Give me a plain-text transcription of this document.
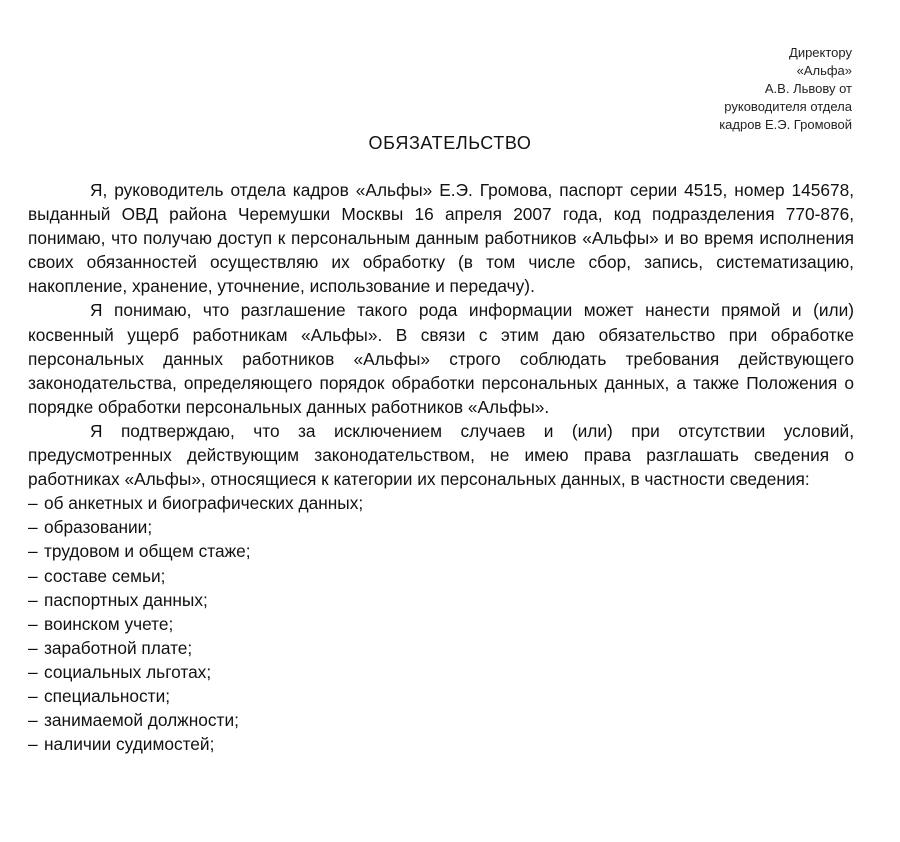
Директору
«Альфа»
А.В. Львову от
руководителя отдела
кадров Е.Э. Громовой
ОБЯЗАТЕЛЬСТВО

Я, руководитель отдела кадров «Альфы» Е.Э. Громова, паспорт серии 4515, номер 145678, выданный ОВД района Черемушки Москвы 16 апреля 2007 года, код подразделения 770-876, понимаю, что получаю доступ к персональным данным работников «Альфы» и во время исполнения своих обязанностей осуществляю их обработку (в том числе сбор, запись, систематизацию, накопление, хранение, уточнение, использование и передачу).

Я понимаю, что разглашение такого рода информации может нанести прямой и (или) косвенный ущерб работникам «Альфы». В связи с этим даю обязательство при обработке персональных данных работников «Альфы» строго соблюдать требования действующего законодательства, определяющего порядок обработки персональных данных, а также Положения о порядке обработки персональных данных работников «Альфы».

Я подтверждаю, что за исключением случаев и (или) при отсутствии условий, предусмотренных действующим законодательством, не имею права разглашать сведения о работниках «Альфы», относящиеся к категории их персональных данных, в частности сведения:

– об анкетных и биографических данных;
– образовании;
– трудовом и общем стаже;
– составе семьи;
– паспортных данных;
– воинском учете;
– заработной плате;
– социальных льготах;
– специальности;
– занимаемой должности;
– наличии судимостей;
